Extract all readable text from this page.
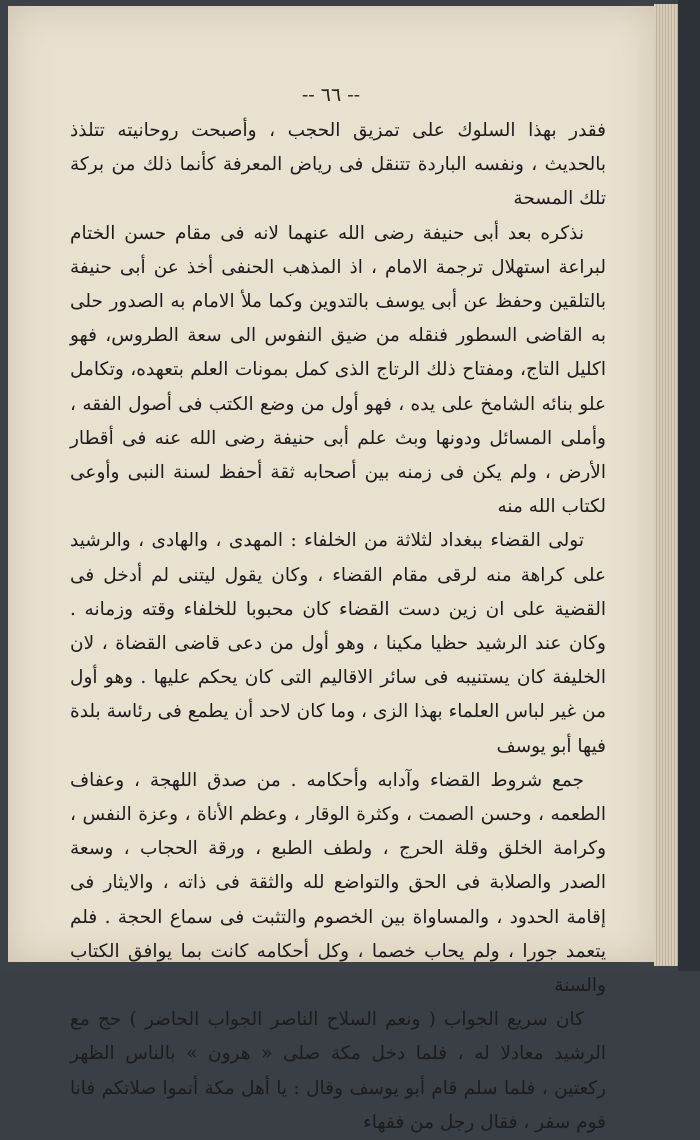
-- ٦٦ --

فقدر بهذا السلوك على تمزيق الحجب ، وأصبحت روحانيته تتلذذ بالحديث ، ونفسه الباردة تتنقل فى رياض المعرفة كأنما ذلك من بركة تلك المسحة

نذكره بعد أبى حنيفة رضى الله عنهما لانه فى مقام حسن الختام لبراعة استهلال ترجمة الامام ، اذ المذهب الحنفى أخذ عن أبى حنيفة بالتلقين وحفظ عن أبى يوسف بالتدوين وكما ملأ الامام به الصدور حلى به القاضى السطور فنقله من ضيق النفوس الى سعة الطروس، فهو اكليل التاج، ومفتاح ذلك الرتاج الذى كمل بمونات العلم بتعهده، وتكامل علو بنائه الشامخ على يده ، فهو أول من وضع الكتب فى أصول الفقه ، وأملى المسائل ودونها وبث علم أبى حنيفة رضى الله عنه فى أقطار الأرض ، ولم يكن فى زمنه بين أصحابه ثقة أحفظ لسنة النبى وأوعى لكتاب الله منه

تولى القضاء ببغداد لثلاثة من الخلفاء : المهدى ، والهادى ، والرشيد على كراهة منه لرقى مقام القضاء ، وكان يقول ليتنى لم أدخل فى القضية على ان زين دست القضاء كان محبوبا للخلفاء وقته وزمانه . وكان عند الرشيد حظيا مكينا ، وهو أول من دعى قاضى القضاة ، لان الخليفة كان يستنيبه فى سائر الاقاليم التى كان يحكم عليها . وهو أول من غير لباس العلماء بهذا الزى ، وما كان لاحد أن يطمع فى رئاسة بلدة فيها أبو يوسف

جمع شروط القضاء وآدابه وأحكامه . من صدق اللهجة ، وعفاف الطعمه ، وحسن الصمت ، وكثرة الوقار ، وعظم الأناة ، وعزة النفس ، وكرامة الخلق وقلة الحرج ، ولطف الطبع ، ورقة الحجاب ، وسعة الصدر والصلابة فى الحق والتواضع لله والثقة فى ذاته ، والايثار فى إقامة الحدود ، والمساواة بين الخصوم والتثبت فى سماع الحجة . فلم يتعمد جورا ، ولم يحاب خصما ، وكل أحكامه كانت بما يوافق الكتاب والسنة

كان سريع الجواب ( ونعم السلاح الناصر الجواب الحاضر ) حج مع الرشيد معادلا له ، فلما دخل مكة صلى « هرون » بالناس الظهر ركعتين ، فلما سلم قام أبو يوسف وقال : يا أهل مكة أتموا صلاتكم فانا قوم سفر ، فقال رجل من فقهاء
